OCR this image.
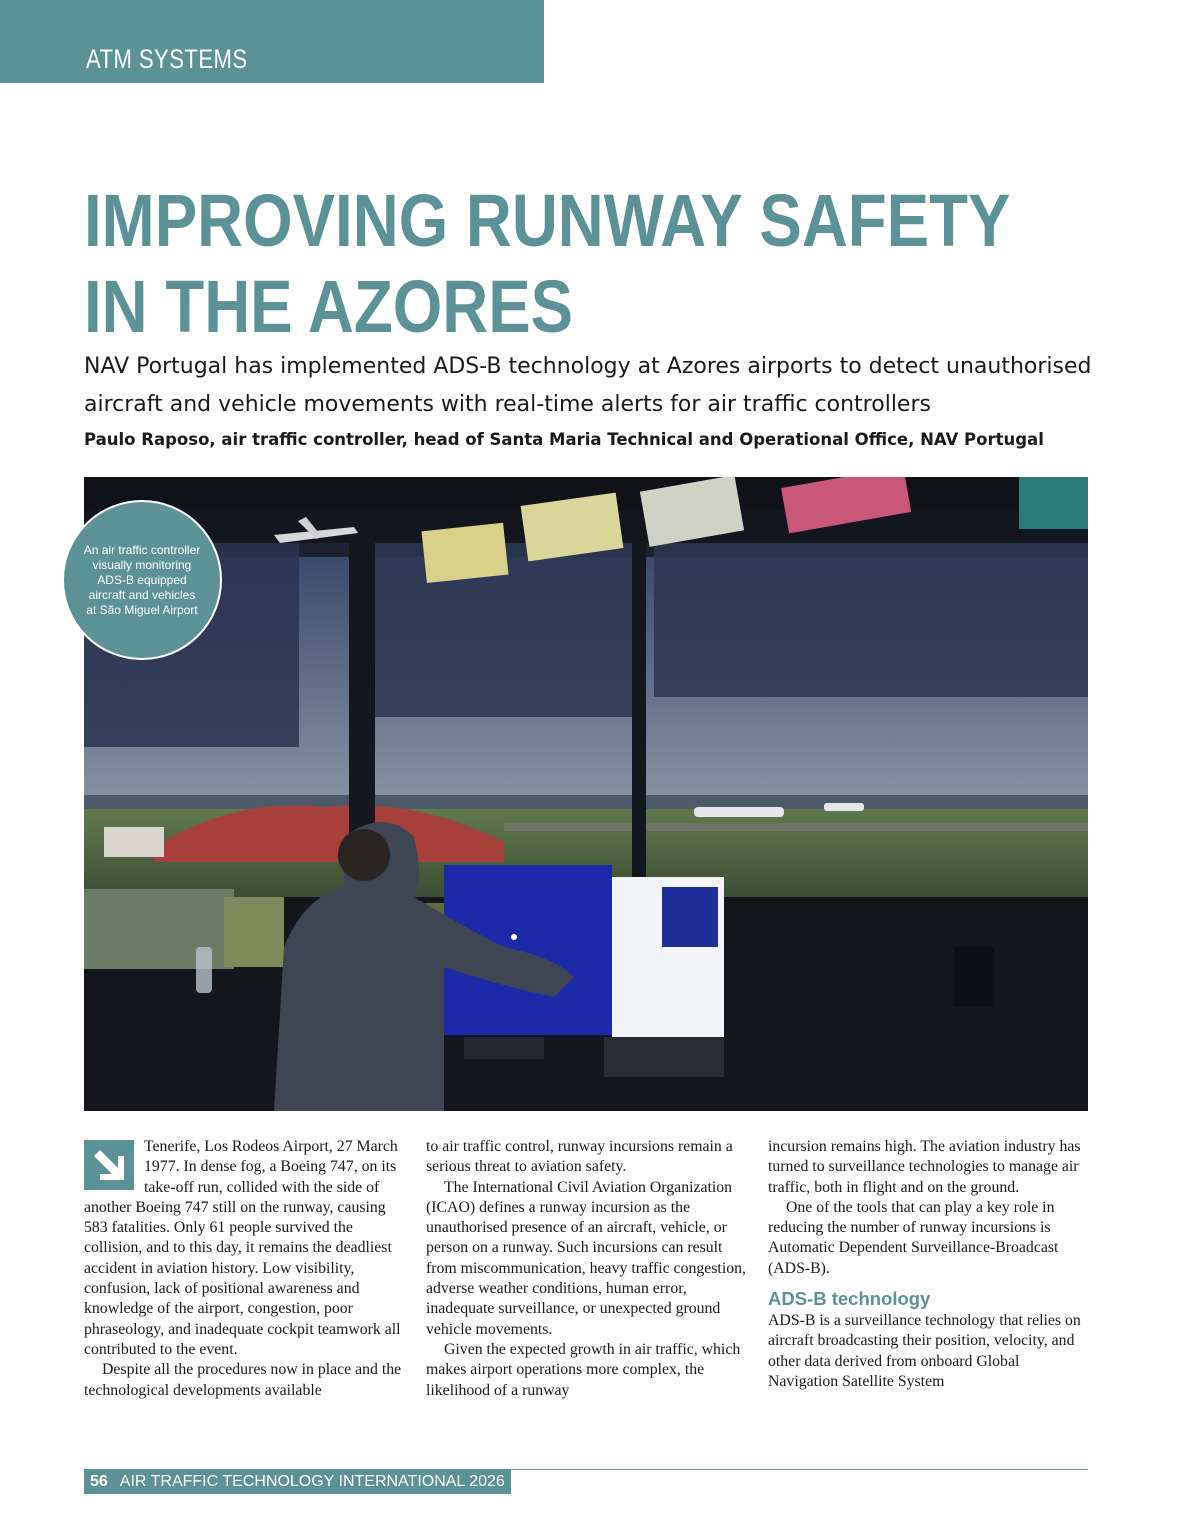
ATM SYSTEMS
IMPROVING RUNWAY SAFETY
IN THE AZORES

NAV Portugal has implemented ADS-B technology at Azores airports to detect unauthorised aircraft and vehicle movements with real-time alerts for air traffic controllers

Paulo Raposo, air traffic controller, head of Santa Maria Technical and Operational Office, NAV Portugal

An air traffic controller visually monitoring ADS-B equipped aircraft and vehicles at São Miguel Airport

Tenerife, Los Rodeos Airport, 27 March 1977. In dense fog, a Boeing 747, on its take-off run, collided with the side of another Boeing 747 still on the runway, causing 583 fatalities. Only 61 people survived the collision, and to this day, it remains the deadliest accident in aviation history. Low visibility, confusion, lack of positional awareness and knowledge of the airport, congestion, poor phraseology, and inadequate cockpit teamwork all contributed to the event.

Despite all the procedures now in place and the technological developments available

to air traffic control, runway incursions remain a serious threat to aviation safety.

The International Civil Aviation Organization (ICAO) defines a runway incursion as the unauthorised presence of an aircraft, vehicle, or person on a runway. Such incursions can result from miscommunication, heavy traffic congestion, adverse weather conditions, human error, inadequate surveillance, or unexpected ground vehicle movements.

Given the expected growth in air traffic, which makes airport operations more complex, the likelihood of a runway

incursion remains high. The aviation industry has turned to surveillance technologies to manage air traffic, both in flight and on the ground.

One of the tools that can play a key role in reducing the number of runway incursions is Automatic Dependent Surveillance-Broadcast (ADS-B).

ADS-B technology

ADS-B is a surveillance technology that relies on aircraft broadcasting their position, velocity, and other data derived from onboard Global Navigation Satellite System

56 AIR TRAFFIC TECHNOLOGY INTERNATIONAL 2026
